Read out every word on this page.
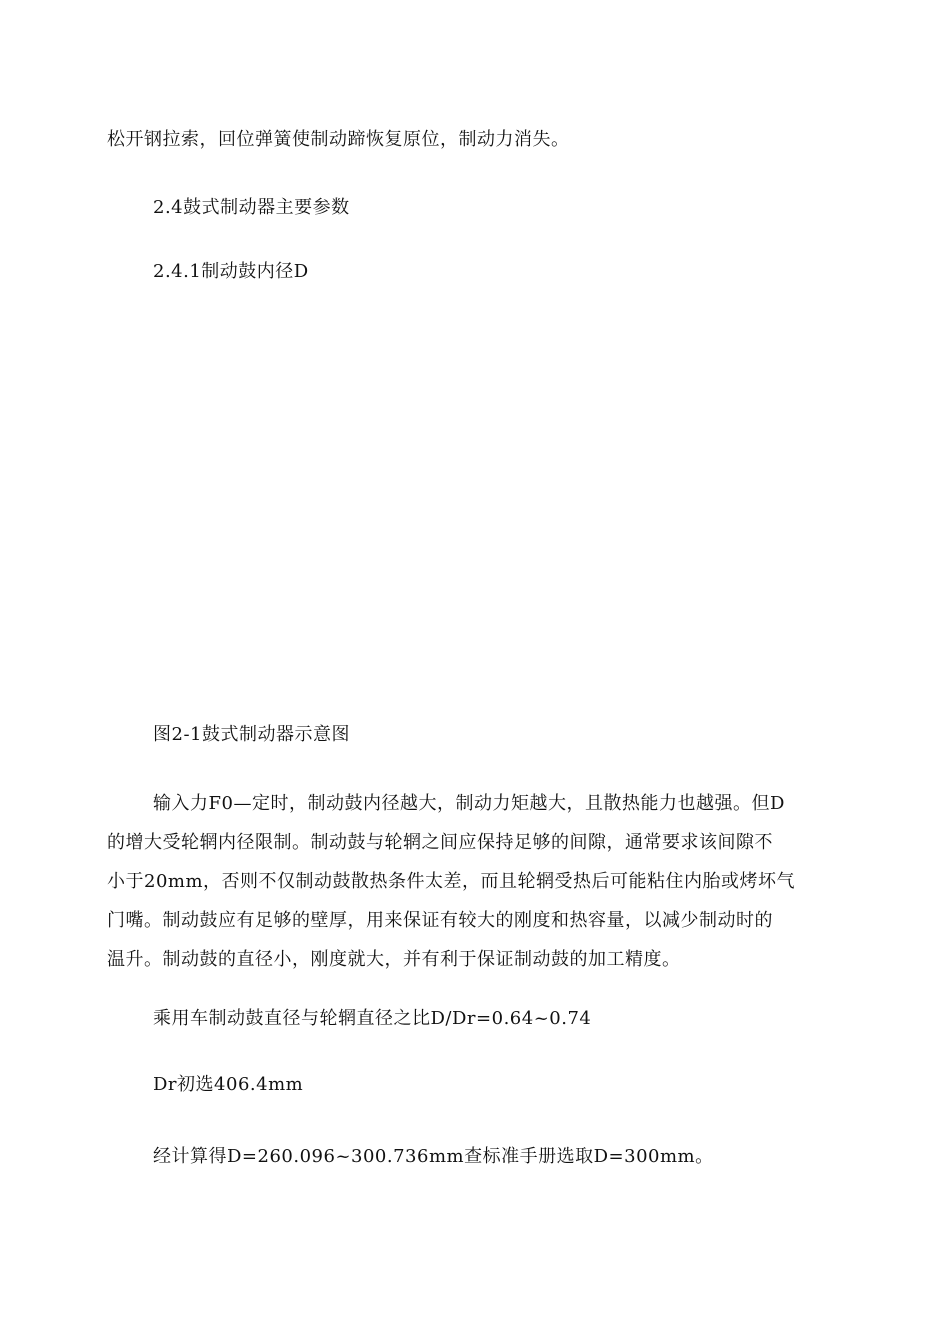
松开钢拉索，回位弹簧使制动蹄恢复原位，制动力消失。
2.4鼓式制动器主要参数
2.4.1制动鼓内径D
图2-1鼓式制动器示意图
输入力F0—定时，制动鼓内径越大，制动力矩越大，且散热能力也越强。但D
的增大受轮辋内径限制。制动鼓与轮辋之间应保持足够的间隙，通常要求该间隙不
小于20mm，否则不仅制动鼓散热条件太差，而且轮辋受热后可能粘住内胎或烤坏气
门嘴。制动鼓应有足够的壁厚，用来保证有较大的刚度和热容量，以减少制动时的
温升。制动鼓的直径小，刚度就大，并有利于保证制动鼓的加工精度。
乘用车制动鼓直径与轮辋直径之比D/Dr=0.64~0.74
Dr初选406.4mm
经计算得D=260.096~300.736mm查标准手册选取D=300mm。
